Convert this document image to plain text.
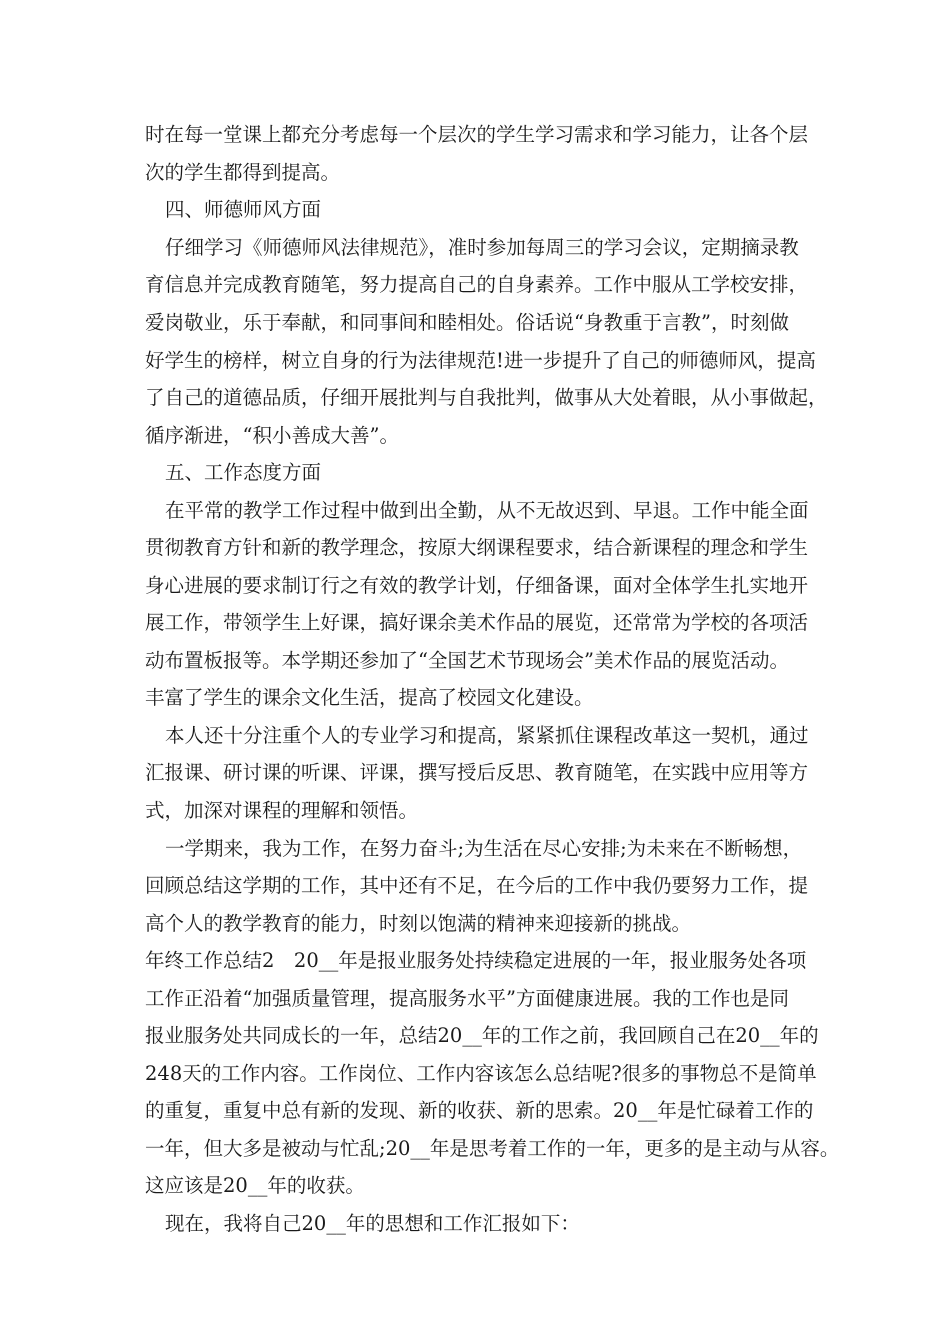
时在每一堂课上都充分考虑每一个层次的学生学习需求和学习能力，让各个层
次的学生都得到提高。
四、师德师风方面
仔细学习《师德师风法律规范》，准时参加每周三的学习会议，定期摘录教
育信息并完成教育随笔，努力提高自己的自身素养。工作中服从工学校安排，
爱岗敬业，乐于奉献，和同事间和睦相处。俗话说“身教重于言教”，时刻做
好学生的榜样，树立自身的行为法律规范!进一步提升了自己的师德师风，提高
了自己的道德品质，仔细开展批判与自我批判，做事从大处着眼，从小事做起，
循序渐进，“积小善成大善”。
五、工作态度方面
在平常的教学工作过程中做到出全勤，从不无故迟到、早退。工作中能全面
贯彻教育方针和新的教学理念，按原大纲课程要求，结合新课程的理念和学生
身心进展的要求制订行之有效的教学计划，仔细备课，面对全体学生扎实地开
展工作，带领学生上好课，搞好课余美术作品的展览，还常常为学校的各项活
动布置板报等。本学期还参加了“全国艺术节现场会”美术作品的展览活动。
丰富了学生的课余文化生活，提高了校园文化建设。
本人还十分注重个人的专业学习和提高，紧紧抓住课程改革这一契机，通过
汇报课、研讨课的听课、评课，撰写授后反思、教育随笔，在实践中应用等方
式，加深对课程的理解和领悟。
一学期来，我为工作，在努力奋斗;为生活在尽心安排;为未来在不断畅想，
回顾总结这学期的工作，其中还有不足，在今后的工作中我仍要努力工作，提
高个人的教学教育的能力，时刻以饱满的精神来迎接新的挑战。
年终工作总结2　20__年是报业服务处持续稳定进展的一年，报业服务处各项
工作正沿着“加强质量管理，提高服务水平”方面健康进展。我的工作也是同
报业服务处共同成长的一年，总结20__年的工作之前，我回顾自己在20__年的
248天的工作内容。工作岗位、工作内容该怎么总结呢?很多的事物总不是简单
的重复，重复中总有新的发现、新的收获、新的思索。20__年是忙碌着工作的
一年，但大多是被动与忙乱;20__年是思考着工作的一年，更多的是主动与从容。
这应该是20__年的收获。
现在，我将自己20__年的思想和工作汇报如下：
